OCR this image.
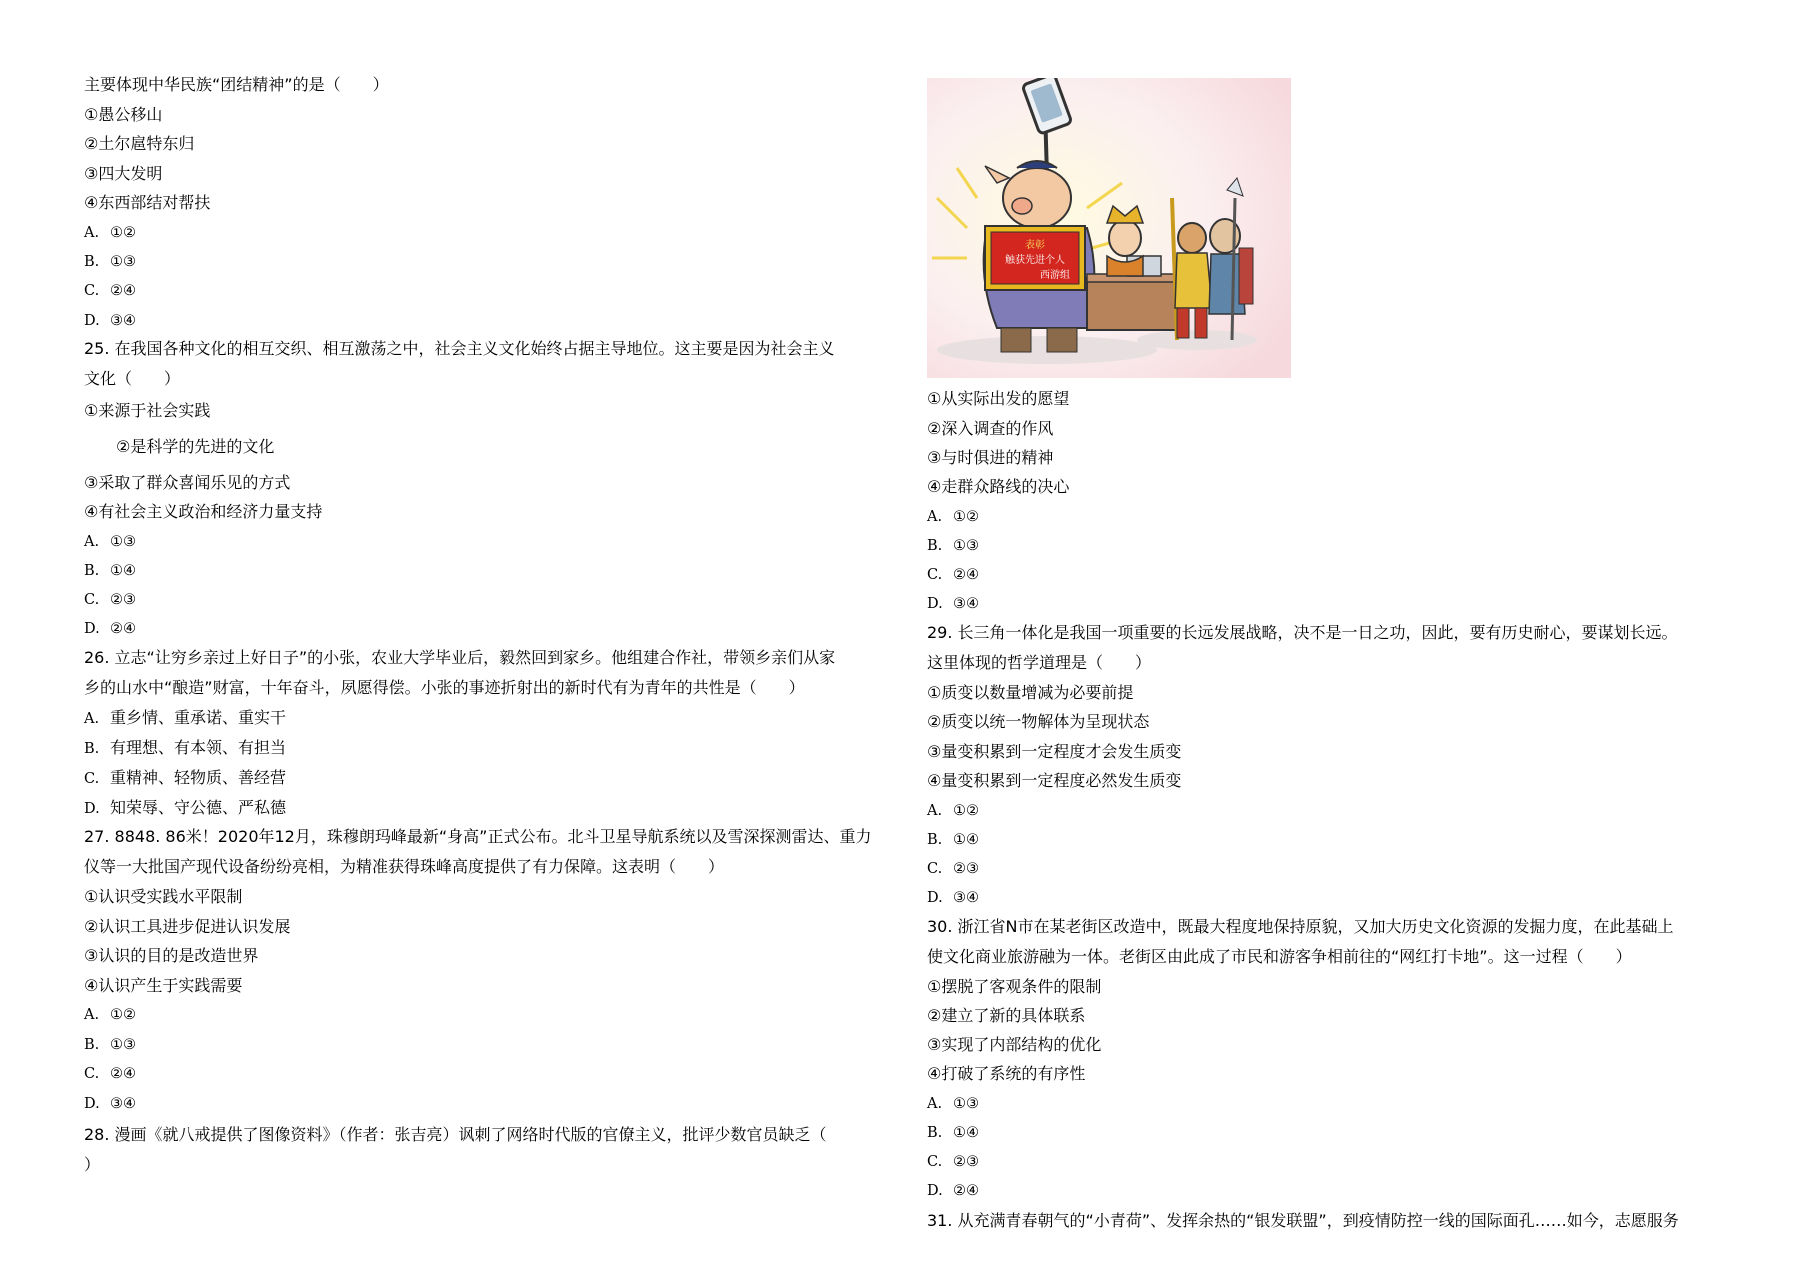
主要体现中华民族“团结精神”的是（　　）
①愚公移山
②土尔扈特东归
③四大发明
④东西部结对帮扶
A. ①②
B. ①③
C. ②④
D. ③④
25. 在我国各种文化的相互交织、相互激荡之中，社会主义文化始终占据主导地位。这主要是因为社会主义
文化（　　）
①来源于社会实践
②是科学的先进的文化
③采取了群众喜闻乐见的方式
④有社会主义政治和经济力量支持
A. ①③
B. ①④
C. ②③
D. ②④
26. 立志“让穷乡亲过上好日子”的小张，农业大学毕业后，毅然回到家乡。他组建合作社，带领乡亲们从家
乡的山水中“酿造”财富，十年奋斗，夙愿得偿。小张的事迹折射出的新时代有为青年的共性是（　　）
A. 重乡情、重承诺、重实干
B. 有理想、有本领、有担当
C. 重精神、轻物质、善经营
D. 知荣辱、守公德、严私德
27. 8848. 86米！2020年12月，珠穆朗玛峰最新“身高”正式公布。北斗卫星导航系统以及雪深探测雷达、重力
仪等一大批国产现代设备纷纷亮相，为精准获得珠峰高度提供了有力保障。这表明（　　）
①认识受实践水平限制
②认识工具进步促进认识发展
③认识的目的是改造世界
④认识产生于实践需要
A. ①②
B. ①③
C. ②④
D. ③④
28. 漫画《就八戒提供了图像资料》（作者：张吉亮）讽刺了网络时代版的官僚主义，批评少数官员缺乏（
）
表彰
触获先进个人
西游组
①从实际出发的愿望
②深入调查的作风
③与时俱进的精神
④走群众路线的决心
A. ①②
B. ①③
C. ②④
D. ③④
29. 长三角一体化是我国一项重要的长远发展战略，决不是一日之功，因此，要有历史耐心，要谋划长远。
这里体现的哲学道理是（　　）
①质变以数量增减为必要前提
②质变以统一物解体为呈现状态
③量变积累到一定程度才会发生质变
④量变积累到一定程度必然发生质变
A. ①②
B. ①④
C. ②③
D. ③④
30. 浙江省N市在某老街区改造中，既最大程度地保持原貌，又加大历史文化资源的发掘力度，在此基础上
使文化商业旅游融为一体。老街区由此成了市民和游客争相前往的“网红打卡地”。这一过程（　　）
①摆脱了客观条件的限制
②建立了新的具体联系
③实现了内部结构的优化
④打破了系统的有序性
A. ①③
B. ①④
C. ②③
D. ②④
31. 从充满青春朝气的“小青荷”、发挥余热的“银发联盟”，到疫情防控一线的国际面孔……如今，志愿服务
